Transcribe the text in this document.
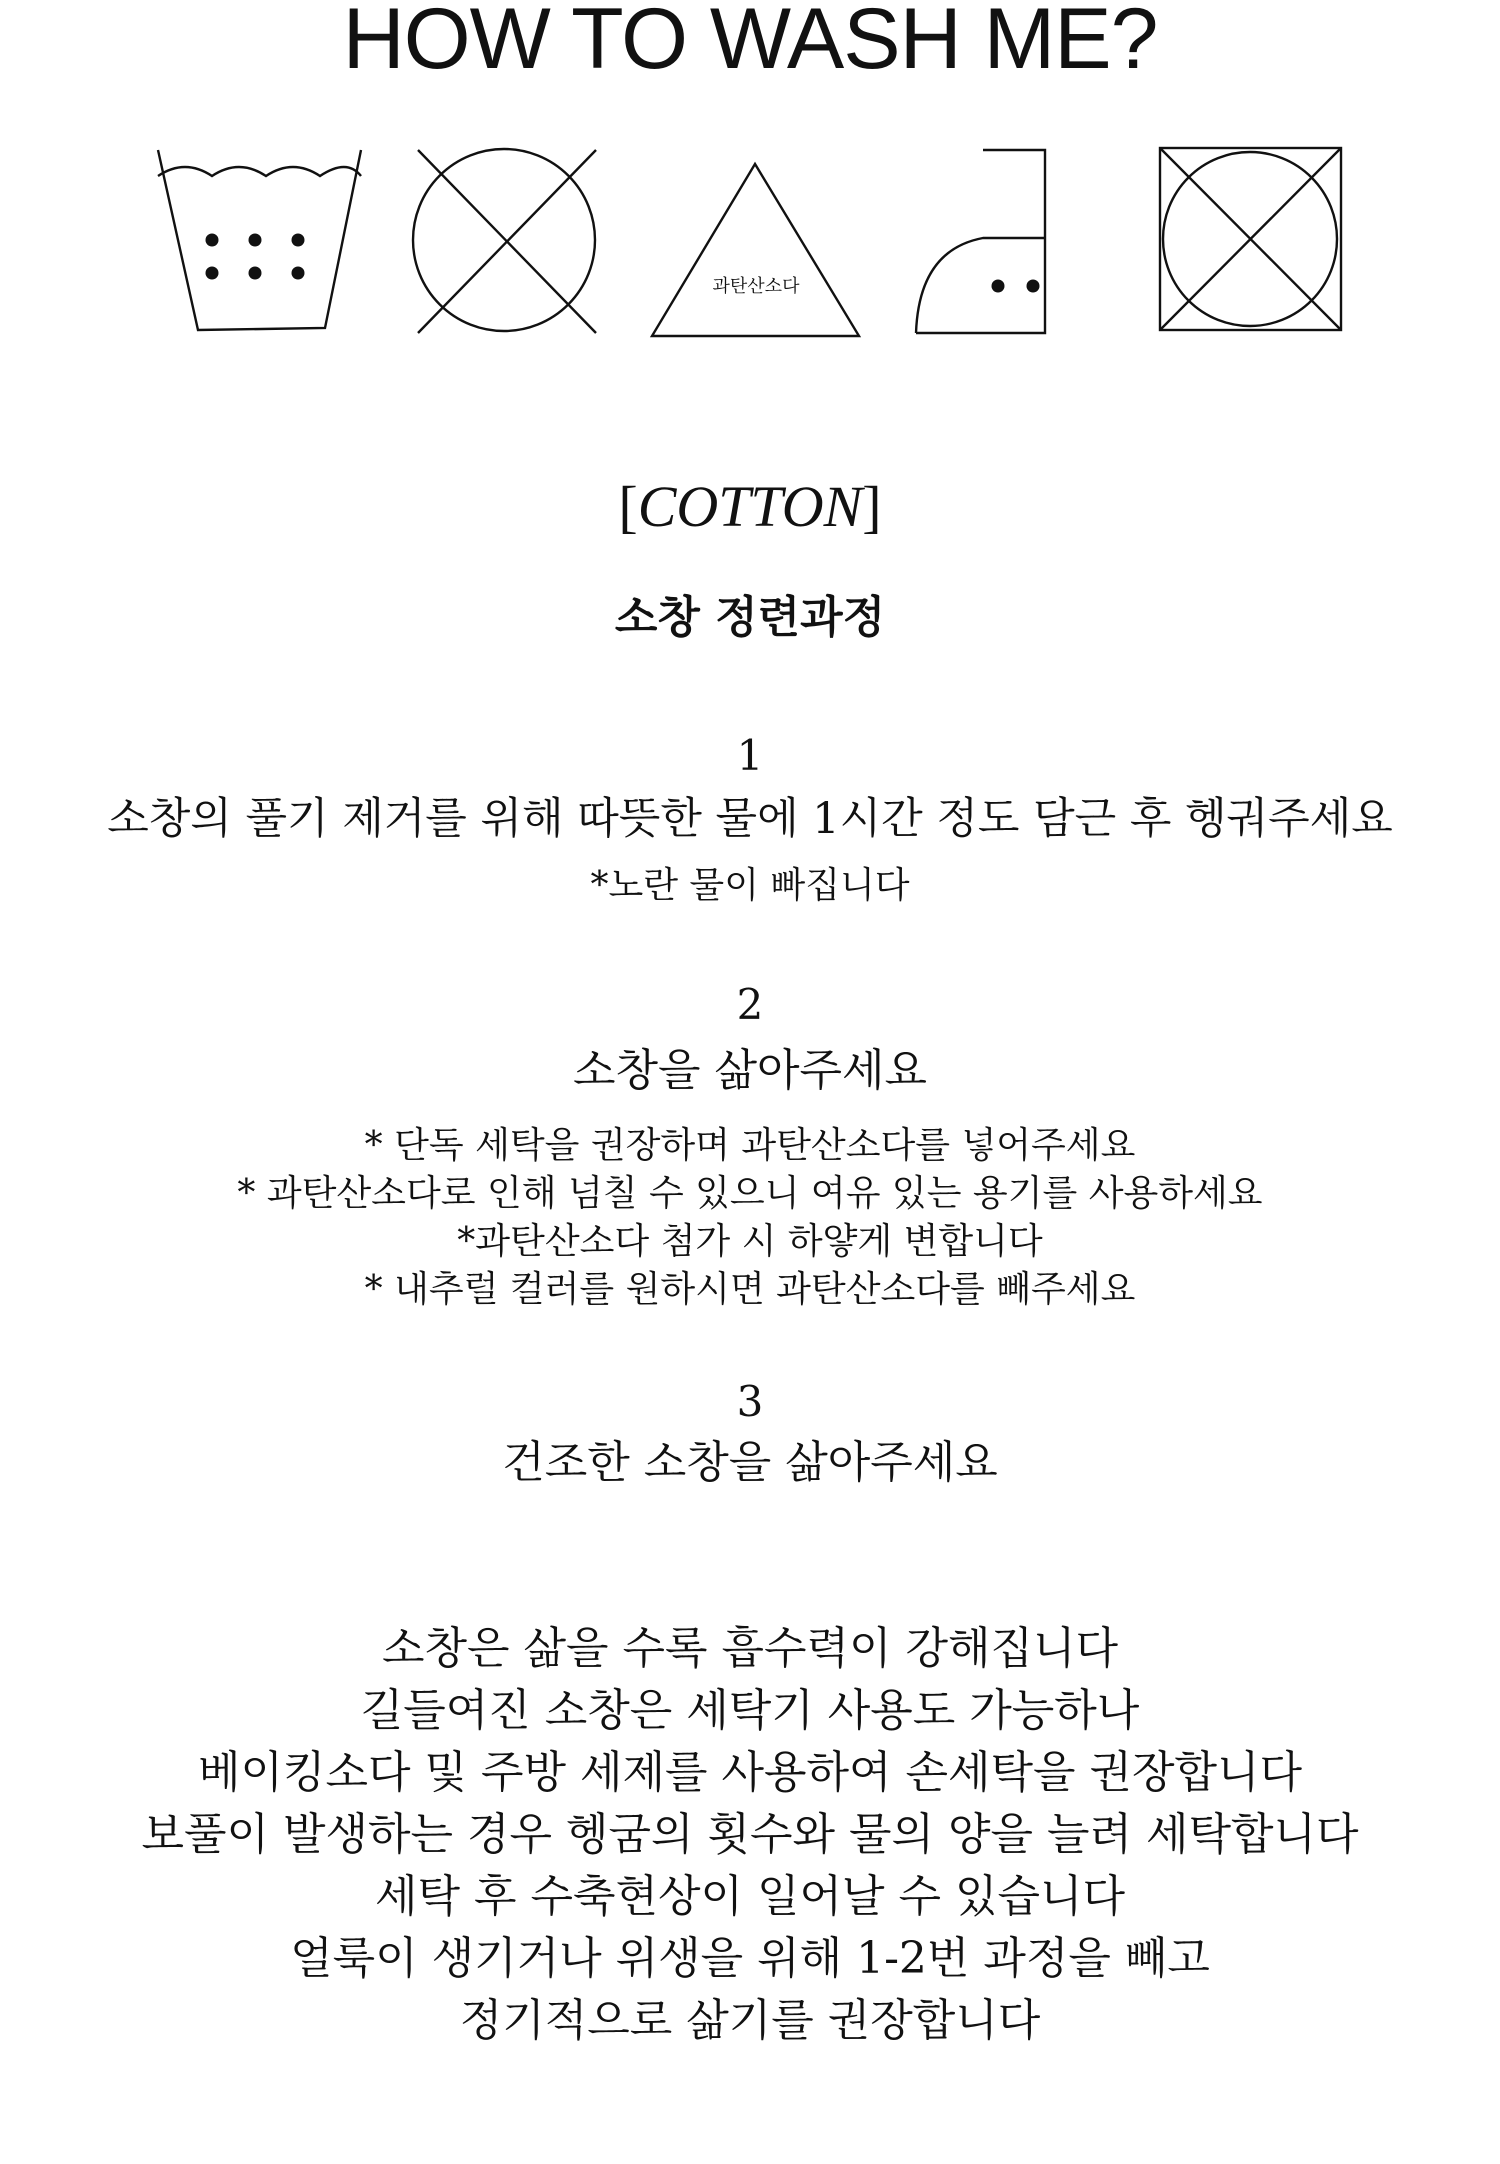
HOW TO WASH ME?
과탄산소다
[COTTON]
소창 정련과정
1
소창의 풀기 제거를 위해 따뜻한 물에 1시간 정도 담근 후 헹궈주세요
*노란 물이 빠집니다
2
소창을 삶아주세요
* 단독 세탁을 권장하며 과탄산소다를 넣어주세요
* 과탄산소다로 인해 넘칠 수 있으니 여유 있는 용기를 사용하세요
*과탄산소다 첨가 시 하얗게 변합니다
* 내추럴 컬러를 원하시면 과탄산소다를 빼주세요
3
건조한 소창을 삶아주세요
소창은 삶을 수록 흡수력이 강해집니다
길들여진 소창은 세탁기 사용도 가능하나
베이킹소다 및 주방 세제를 사용하여 손세탁을 권장합니다
보풀이 발생하는 경우 헹굼의 횟수와 물의 양을 늘려 세탁합니다
세탁 후 수축현상이 일어날 수 있습니다
얼룩이 생기거나 위생을 위해 1-2번 과정을 빼고
정기적으로 삶기를 권장합니다
